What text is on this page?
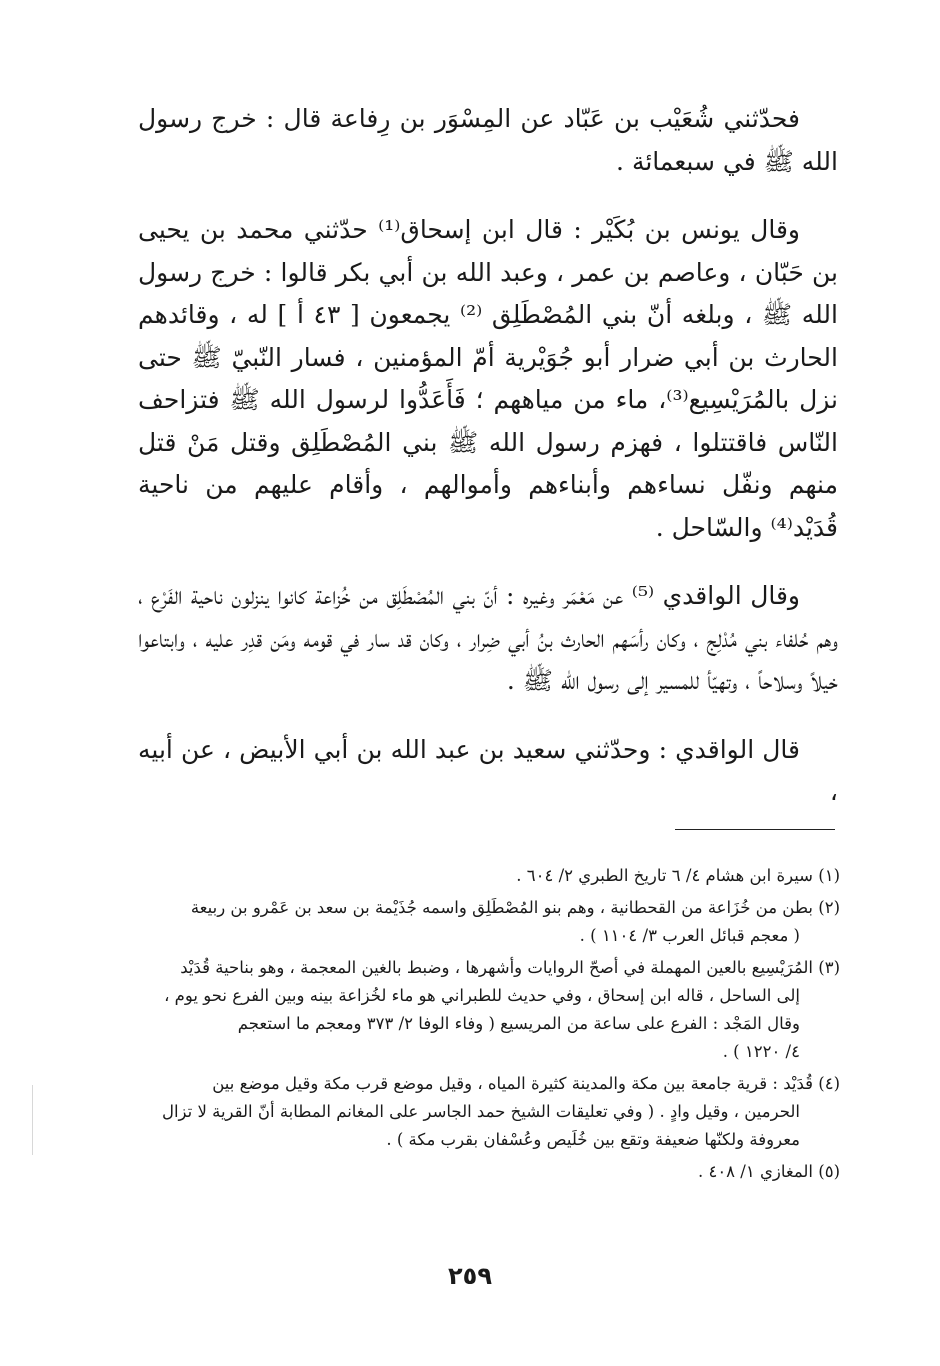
فحدّثني شُعَيْب بن عَبّاد عن المِسْوَر بن رِفاعة قال : خرج رسول الله ﷺ في سبعمائة .

وقال يونس بن بُكَيْر : قال ابن إسحاق⁽¹⁾ حدّثني محمد بن يحيى بن حَبّان ، وعاصم بن عمر ، وعبد الله بن أبي بكر قالوا : خرج رسول الله ﷺ ، وبلغه أنّ بني المُصْطَلِق ⁽²⁾ يجمعون [ ٤٣ أ ] له ، وقائدهم الحارث بن أبي ضرار أبو جُوَيْرية أمّ المؤمنين ، فسار النّبيّ ﷺ حتى نزل بالمُرَيْسِيع⁽³⁾، ماء من مياههم ؛ فَأَعَدُّوا لرسول الله ﷺ فتزاحف النّاس فاقتتلوا ، فهزم رسول الله ﷺ بني المُصْطَلِق وقتل مَنْ قتل منهم ونفّل نساءهم وأبناءهم وأموالهم ، وأقام عليهم من ناحية قُدَيْد⁽⁴⁾ والسّاحل .

وقال الواقدي ⁽⁵⁾ عن مَعْمَر وغيره : أنّ بني المُصْطَلِق من خُزاعة كانوا ينزلون ناحية الفَرْع ، وهم حُلفاء بني مُدْلِج ، وكان رأسَهم الحارث بنُ أبي ضِرار ، وكان قد سار في قومه ومَن قدِر عليه ، وابتاعوا خيلاً وسلاحاً ، وتهيّأ للمسير إلى رسول الله ﷺ .

قال الواقدي : وحدّثني سعيد بن عبد الله بن أبي الأبيض ، عن أبيه ،

(١) سيرة ابن هشام ٤/ ٦ تاريخ الطبري ٢/ ٦٠٤ .
(٢) بطن من خُزَاعة من القحطانية ، وهم بنو المُصْطَلِق واسمه جُذَيْمة بن سعد بن عَمْرو بن ربيعة
( معجم قبائل العرب ٣/ ١١٠٤ ) .
(٣) المُرَيْسِيع بالعين المهملة في أصحّ الروايات وأشهرها ، وضبط بالغين المعجمة ، وهو بناحية قُدَيْد
إلى الساحل ، قاله ابن إسحاق ، وفي حديث للطبراني هو ماء لخُزاعة بينه وبين الفرع نحو يوم ،
وقال المَجْد : الفرع على ساعة من المريسيع ( وفاء الوفا ٢/ ٣٧٣ ومعجم ما استعجم
٤/ ١٢٢٠ ) .
(٤) قُدَيْد : قرية جامعة بين مكة والمدينة كثيرة المياه ، وقيل موضع قرب مكة وقيل موضع بين
الحرمين ، وقيل وادٍ . ( وفي تعليقات الشيخ حمد الجاسر على المغانم المطابة أنّ القرية لا تزال
معروفة ولكنّها ضعيفة وتقع بين خُلَيص وعُسْفان بقرب مكة ) .
(٥) المغازي ١/ ٤٠٨ .
٢٥٩
